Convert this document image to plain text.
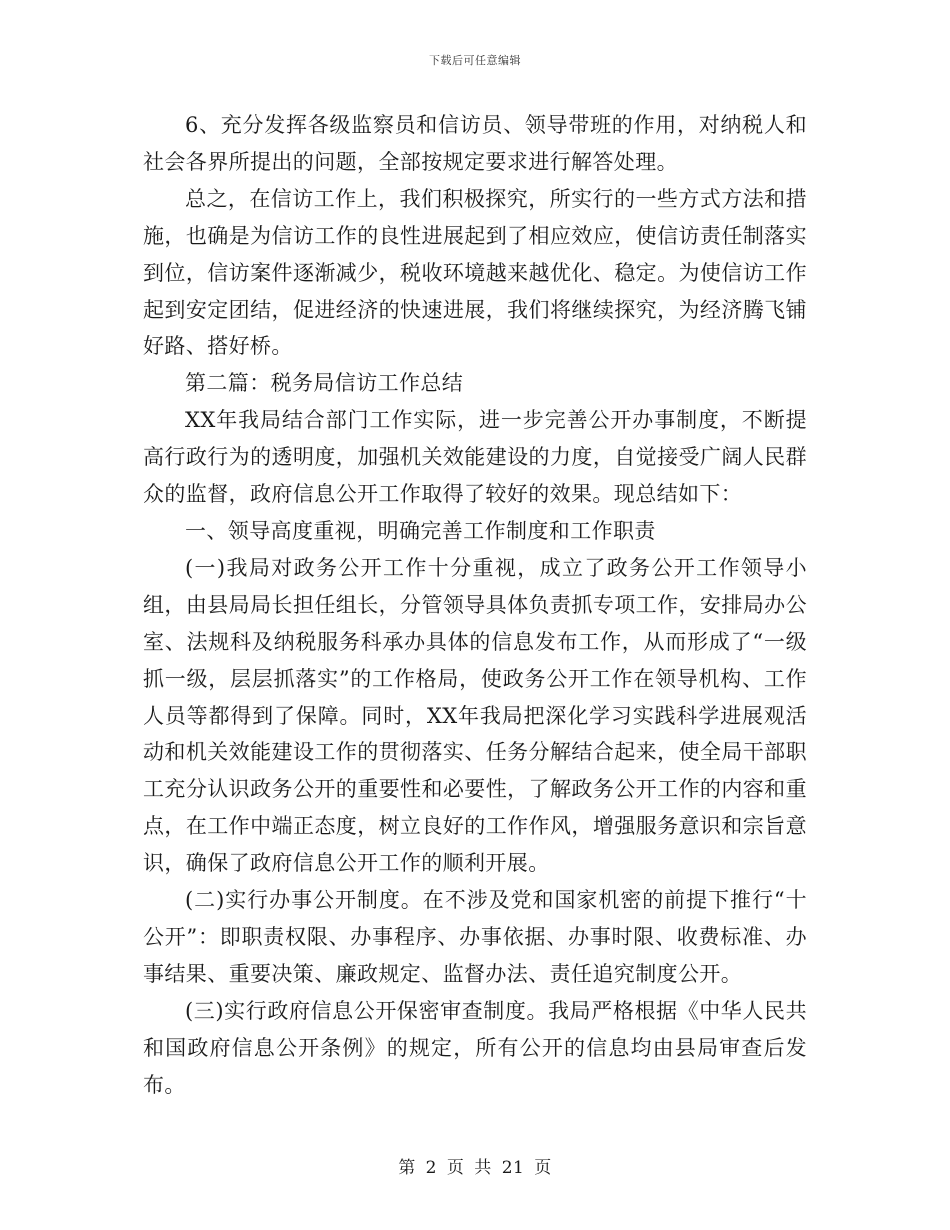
下载后可任意编辑

6、充分发挥各级监察员和信访员、领导带班的作用，对纳税人和社会各界所提出的问题，全部按规定要求进行解答处理。

总之，在信访工作上，我们积极探究，所实行的一些方式方法和措施，也确是为信访工作的良性进展起到了相应效应，使信访责任制落实到位，信访案件逐渐减少，税收环境越来越优化、稳定。为使信访工作起到安定团结，促进经济的快速进展，我们将继续探究，为经济腾飞铺好路、搭好桥。

第二篇：税务局信访工作总结

XX年我局结合部门工作实际，进一步完善公开办事制度，不断提高行政行为的透明度，加强机关效能建设的力度，自觉接受广阔人民群众的监督，政府信息公开工作取得了较好的效果。现总结如下：

一、领导高度重视，明确完善工作制度和工作职责

(一)我局对政务公开工作十分重视，成立了政务公开工作领导小组，由县局局长担任组长，分管领导具体负责抓专项工作，安排局办公室、法规科及纳税服务科承办具体的信息发布工作，从而形成了“一级抓一级，层层抓落实”的工作格局，使政务公开工作在领导机构、工作人员等都得到了保障。同时，XX年我局把深化学习实践科学进展观活动和机关效能建设工作的贯彻落实、任务分解结合起来，使全局干部职工充分认识政务公开的重要性和必要性，了解政务公开工作的内容和重点，在工作中端正态度，树立良好的工作作风，增强服务意识和宗旨意识，确保了政府信息公开工作的顺利开展。

(二)实行办事公开制度。在不涉及党和国家机密的前提下推行“十公开”：即职责权限、办事程序、办事依据、办事时限、收费标准、办事结果、重要决策、廉政规定、监督办法、责任追究制度公开。

(三)实行政府信息公开保密审查制度。我局严格根据《中华人民共和国政府信息公开条例》的规定，所有公开的信息均由县局审查后发布。

第 2 页 共 21 页
